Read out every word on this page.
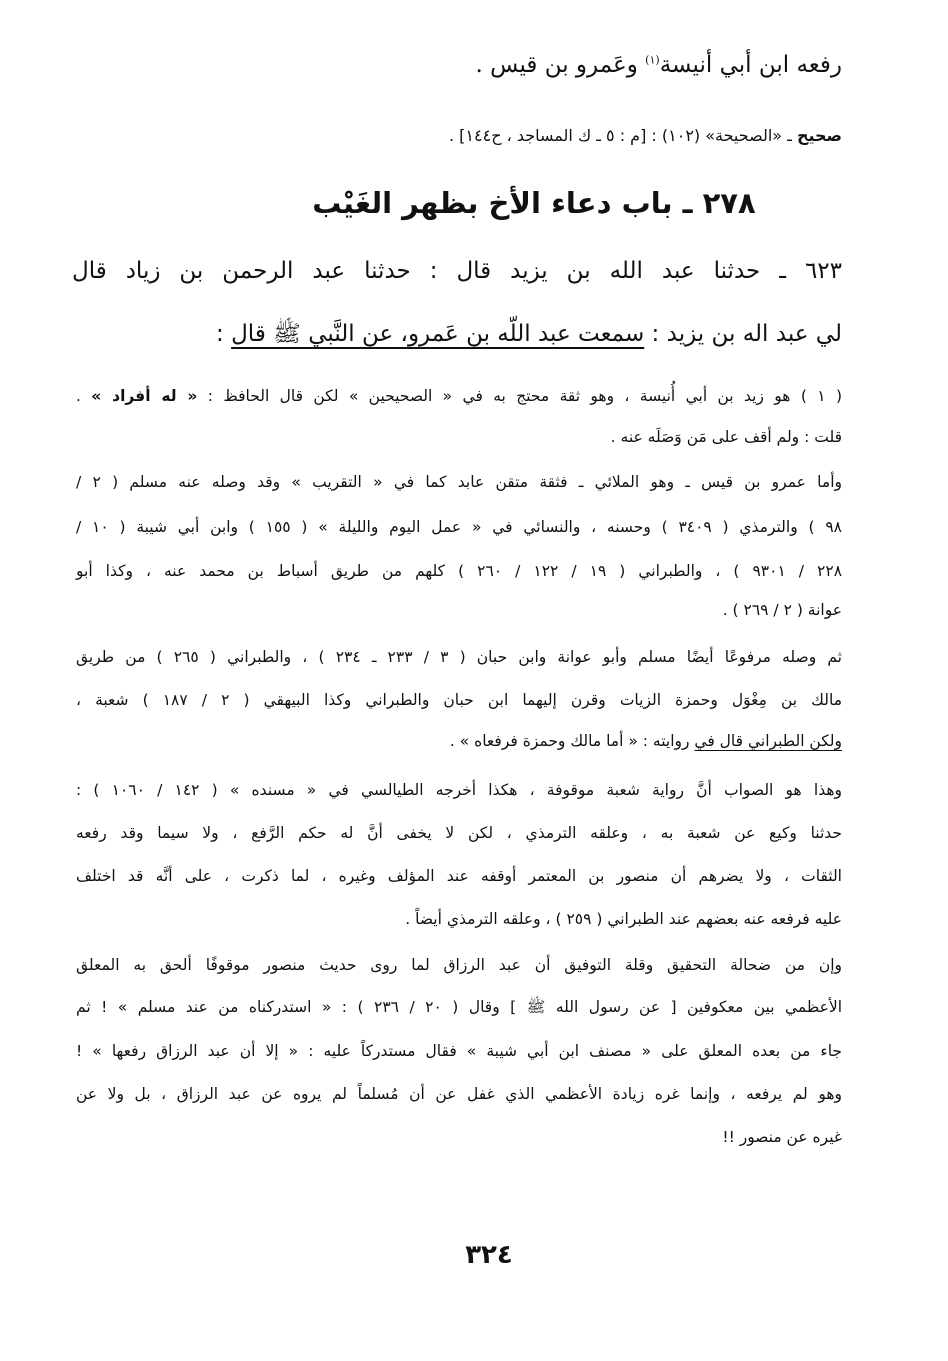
رفعه ابن أبي أنيسة$^{(١)}$ وعَمرو بن قيس .
صحيح ـ «الصحيحة» (١٠٢) : [م : ٥ ـ ك المساجد ، ح١٤٤] .
٢٧٨ ـ باب دعاء الأخ بظهر الغَيْب
٦٢٣ ـ حدثنا عبد الله بن يزيد قال : حدثنا عبد الرحمن بن زياد قال
لي عبد اله بن يزيد : سمعت عبد اللّه بن عَمرو، عن النَّبي ﷺ قال :
( ١ ) هو زيد بن أبي أُنيسة ، وهو ثقة محتج به في « الصحيحين » لكن قال الحافظ : « له أفراد » .
قلت : ولم أقف على مَن وَصَلَه عنه .
وأما عمرو بن قيس ـ وهو الملائي ـ فثقة متقن عابد كما في « التقريب » وقد وصله عنه مسلم ( ٢ /
٩٨ ) والترمذي ( ٣٤٠٩ ) وحسنه ، والنسائي في « عمل اليوم والليلة » ( ١٥٥ ) وابن أبي شيبة ( ١٠ /
٢٢٨ / ٩٣٠١ ) ، والطبراني ( ١٩ / ١٢٢ / ٢٦٠ ) كلهم من طريق أسباط بن محمد عنه ، وكذا أبو
عوانة ( ٢ / ٢٦٩ ) .
ثم وصله مرفوعًا أيضًا مسلم وأبو عوانة وابن حبان ( ٣ / ٢٣٣ ـ ٢٣٤ ) ، والطبراني ( ٢٦٥ ) من طريق
مالك بن مِغْوَل وحمزة الزيات وقرن إليهما ابن حبان والطبراني وكذا البيهقي ( ٢ / ١٨٧ ) شعبة ،
ولكن الطبراني قال في روايته : « أما مالك وحمزة فرفعاه » .
وهذا هو الصواب أنَّ رواية شعبة موقوفة ، هكذا أخرجه الطيالسي في « مسنده » ( ١٤٢ / ١٠٦٠ ) :
حدثنا وكيع عن شعبة به ، وعلقه الترمذي ، لكن لا يخفى أنَّ له حكم الرَّفع ، ولا سيما وقد رفعه
الثقات ، ولا يضرهم أن منصور بن المعتمر أوقفه عند المؤلف وغيره ، لما ذكرت ، على أنَّه قد اختلف
عليه فرفعه عنه بعضهم عند الطبراني ( ٢٥٩ ) ، وعلقه الترمذي أيضاً .
وإن من ضحالة التحقيق وقلة التوفيق أن عبد الرزاق لما روى حديث منصور موقوفًا ألحق به المعلق
الأعظمي بين معكوفين [ عن رسول الله ﷺ ] وقال ( ٢٠ / ٢٣٦ ) : « استدركناه من عند مسلم » ! ثم
جاء من بعده المعلق على « مصنف ابن أبي شيبة » فقال مستدركاً عليه : « إلا أن عبد الرزاق رفعها » !
وهو لم يرفعه ، وإنما غره زيادة الأعظمي الذي غفل عن أن مُسلماً لم يروه عن عبد الرزاق ، بل ولا عن
غيره عن منصور !!
٣٢٤
